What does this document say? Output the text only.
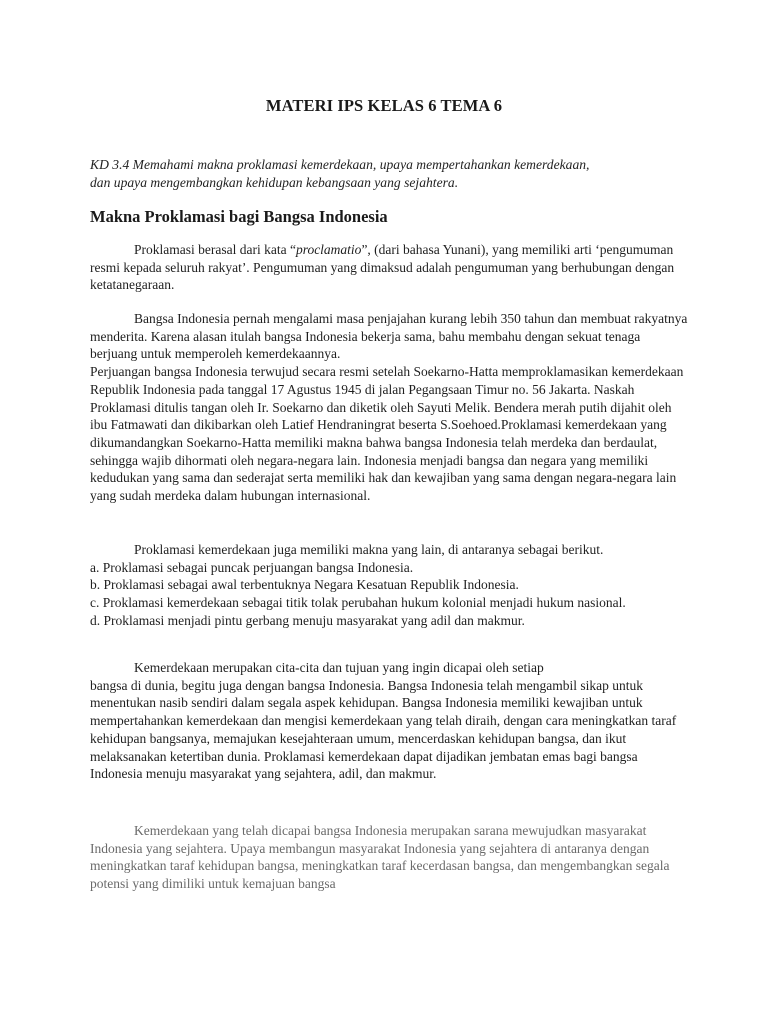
MATERI IPS KELAS 6 TEMA 6
KD 3.4 Memahami makna proklamasi kemerdekaan, upaya mempertahankan kemerdekaan,
dan upaya mengembangkan kehidupan kebangsaan yang sejahtera.
Makna Proklamasi bagi Bangsa Indonesia

Proklamasi berasal dari kata “proclamatio”, (dari bahasa Yunani), yang memiliki arti ‘pengumuman resmi kepada seluruh rakyat’. Pengumuman yang dimaksud adalah pengumuman yang berhubungan dengan ketatanegaraan.

Bangsa Indonesia pernah mengalami masa penjajahan kurang lebih 350 tahun dan membuat rakyatnya menderita. Karena alasan itulah bangsa Indonesia bekerja sama, bahu membahu dengan sekuat tenaga berjuang untuk memperoleh kemerdekaannya.

Perjuangan bangsa Indonesia terwujud secara resmi setelah Soekarno-Hatta memproklamasikan kemerdekaan Republik Indonesia pada tanggal 17 Agustus 1945 di jalan Pegangsaan Timur no. 56 Jakarta. Naskah Proklamasi ditulis tangan oleh Ir. Soekarno dan diketik oleh Sayuti Melik. Bendera merah putih dijahit oleh ibu Fatmawati dan dikibarkan oleh Latief Hendraningrat beserta S.Soehoed.Proklamasi kemerdekaan yang dikumandangkan Soekarno-Hatta memiliki makna bahwa bangsa Indonesia telah merdeka dan berdaulat, sehingga wajib dihormati oleh negara-negara lain. Indonesia menjadi bangsa dan negara yang memiliki kedudukan yang sama dan sederajat serta memiliki hak dan kewajiban yang sama dengan negara-negara lain yang sudah merdeka dalam hubungan internasional.

Proklamasi kemerdekaan juga memiliki makna yang lain, di antaranya sebagai berikut.

a. Proklamasi sebagai puncak perjuangan bangsa Indonesia.

b. Proklamasi sebagai awal terbentuknya Negara Kesatuan Republik Indonesia.

c. Proklamasi kemerdekaan sebagai titik tolak perubahan hukum kolonial menjadi hukum nasional.

d. Proklamasi menjadi pintu gerbang menuju masyarakat yang adil dan makmur.

Kemerdekaan merupakan cita-cita dan tujuan yang ingin dicapai oleh setiap

bangsa di dunia, begitu juga dengan bangsa Indonesia. Bangsa Indonesia telah mengambil sikap untuk menentukan nasib sendiri dalam segala aspek kehidupan. Bangsa Indonesia memiliki kewajiban untuk mempertahankan kemerdekaan dan mengisi kemerdekaan yang telah diraih, dengan cara meningkatkan taraf kehidupan bangsanya, memajukan kesejahteraan umum, mencerdaskan kehidupan bangsa, dan ikut melaksanakan ketertiban dunia. Proklamasi kemerdekaan dapat dijadikan jembatan emas bagi bangsa Indonesia menuju masyarakat yang sejahtera, adil, dan makmur.

Kemerdekaan yang telah dicapai bangsa Indonesia merupakan sarana mewujudkan masyarakat Indonesia yang sejahtera. Upaya membangun masyarakat Indonesia yang sejahtera di antaranya dengan meningkatkan taraf kehidupan bangsa, meningkatkan taraf kecerdasan bangsa, dan mengembangkan segala potensi yang dimiliki untuk kemajuan bangsa
